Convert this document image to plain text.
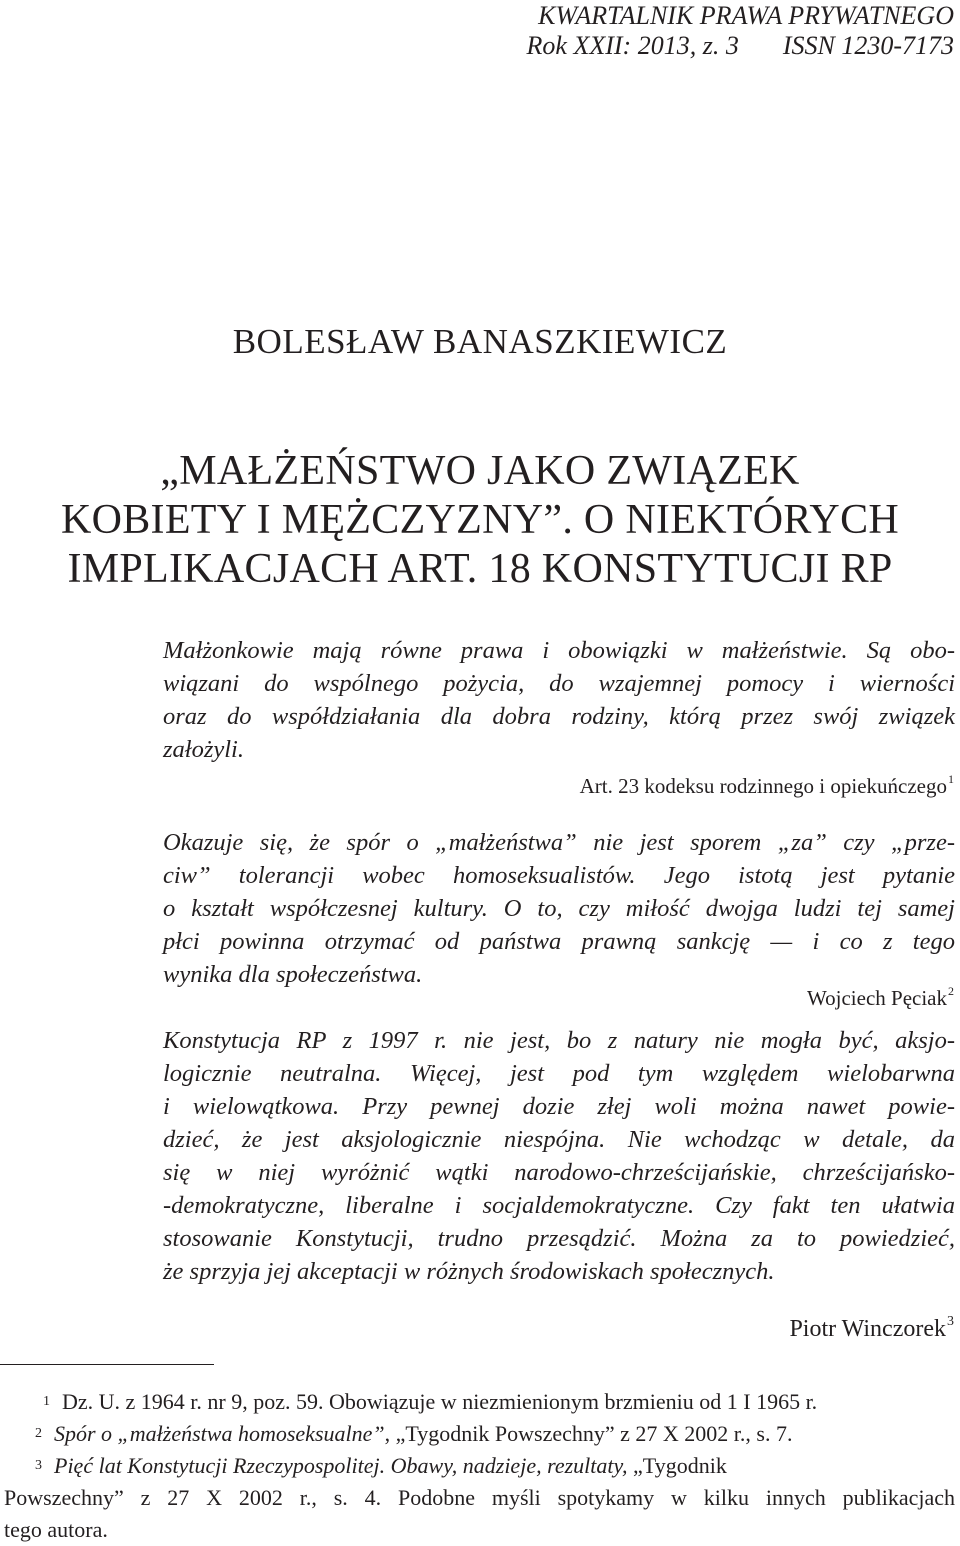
KWARTALNIK PRAWA PRYWATNEGO
Rok XXII: 2013, z. 3 ISSN 1230-7173
BOLESŁAW BANASZKIEWICZ
„MAŁŻEŃSTWO JAKO ZWIĄZEK
KOBIETY I MĘŻCZYZNY”. O NIEKTÓRYCH
IMPLIKACJACH ART. 18 KONSTYTUCJI RP

Małżonkowie mają równe prawa i obowiązki w małżeństwie. Są obo-

wiązani do wspólnego pożycia, do wzajemnej pomocy i wierności

oraz do współdziałania dla dobra rodziny, którą przez swój związek

założyli.

Art. 23 kodeksu rodzinnego i opiekuńczego$^1$

Okazuje się, że spór o „małżeństwa” nie jest sporem „za” czy „prze-

ciw” tolerancji wobec homoseksualistów. Jego istotą jest pytanie

o kształt współczesnej kultury. O to, czy miłość dwojga ludzi tej samej

płci powinna otrzymać od państwa prawną sankcję — i co z tego

wynika dla społeczeństwa.

Wojciech Pęciak$^2$

Konstytucja RP z 1997 r. nie jest, bo z natury nie mogła być, aksjo-

logicznie neutralna. Więcej, jest pod tym względem wielobarwna

i wielowątkowa. Przy pewnej dozie złej woli można nawet powie-

dzieć, że jest aksjologicznie niespójna. Nie wchodząc w detale, da

się w niej wyróżnić wątki narodowo-chrześcijańskie, chrześcijańsko-

-demokratyczne, liberalne i socjaldemokratyczne. Czy fakt ten ułatwia

stosowanie Konstytucji, trudno przesądzić. Można za to powiedzieć,

że sprzyja jej akceptacji w różnych środowiskach społecznych.

Piotr Winczorek$^3$

1 Dz. U. z 1964 r. nr 9, poz. 59. Obowiązuje w niezmienionym brzmieniu od 1 I 1965 r.

2 Spór o „małżeństwa homoseksualne”, „Tygodnik Powszechny” z 27 X 2002 r., s. 7.

3 Pięć lat Konstytucji Rzeczypospolitej. Obawy, nadzieje, rezultaty, „Tygodnik

Powszechny” z 27 X 2002 r., s. 4. Podobne myśli spotykamy w kilku innych publikacjach

tego autora.
